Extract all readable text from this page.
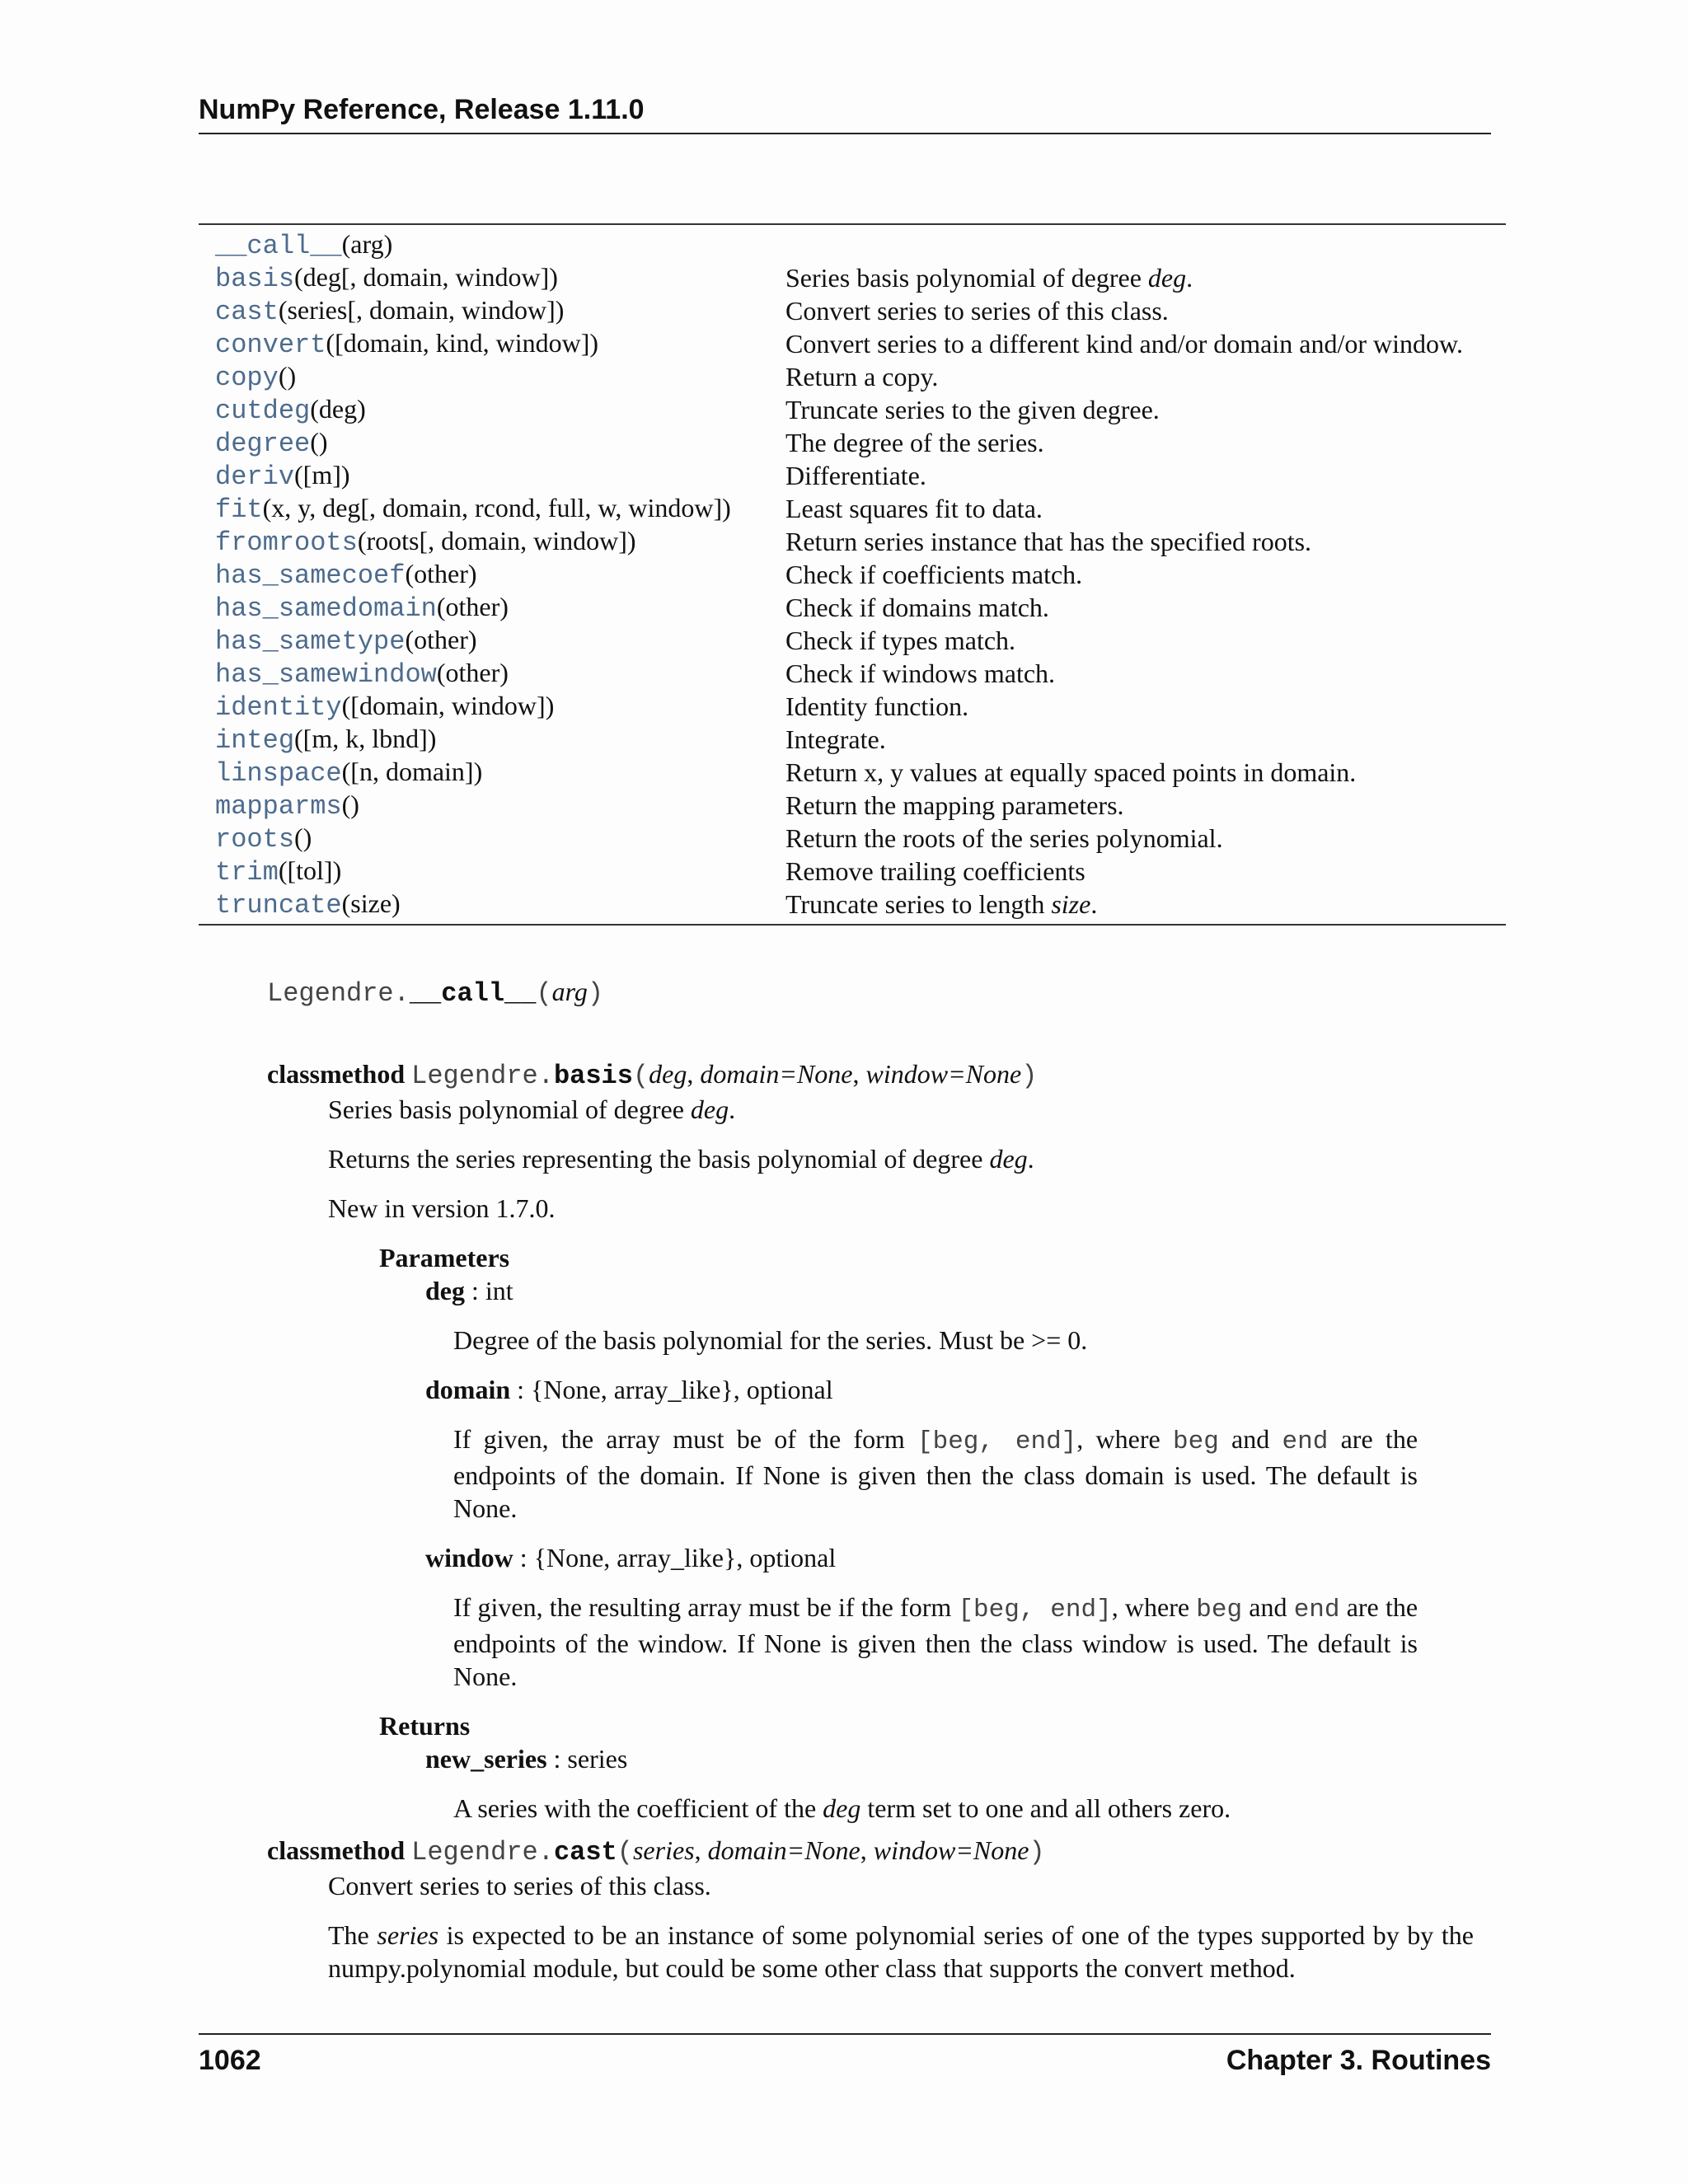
NumPy Reference, Release 1.11.0
__call__(arg)
basis(deg[, domain, window])	Series basis polynomial of degree deg.
cast(series[, domain, window])	Convert series to series of this class.
convert([domain, kind, window])	Convert series to a different kind and/or domain and/or window.
copy()	Return a copy.
cutdeg(deg)	Truncate series to the given degree.
degree()	The degree of the series.
deriv([m])	Differentiate.
fit(x, y, deg[, domain, rcond, full, w, window])	Least squares fit to data.
fromroots(roots[, domain, window])	Return series instance that has the specified roots.
has_samecoef(other)	Check if coefficients match.
has_samedomain(other)	Check if domains match.
has_sametype(other)	Check if types match.
has_samewindow(other)	Check if windows match.
identity([domain, window])	Identity function.
integ([m, k, lbnd])	Integrate.
linspace([n, domain])	Return x, y values at equally spaced points in domain.
mapparms()	Return the mapping parameters.
roots()	Return the roots of the series polynomial.
trim([tol])	Remove trailing coefficients
truncate(size)	Truncate series to length size.
Legendre.__call__(arg)
classmethod Legendre.basis(deg, domain=None, window=None)

Series basis polynomial of degree deg.

Returns the series representing the basis polynomial of degree deg.

New in version 1.7.0.

Parameters
deg : int
Degree of the basis polynomial for the series. Must be >= 0.
domain : {None, array_like}, optional
If given, the array must be of the form [beg, end], where beg and end are the endpoints of the domain. If None is given then the class domain is used. The default is None.
window : {None, array_like}, optional
If given, the resulting array must be if the form [beg, end], where beg and end are the endpoints of the window. If None is given then the class window is used. The default is None.
Returns
new_series : series
A series with the coefficient of the deg term set to one and all others zero.
classmethod Legendre.cast(series, domain=None, window=None)

Convert series to series of this class.

The series is expected to be an instance of some polynomial series of one of the types supported by by the numpy.polynomial module, but could be some other class that supports the convert method.

1062	Chapter 3. Routines
